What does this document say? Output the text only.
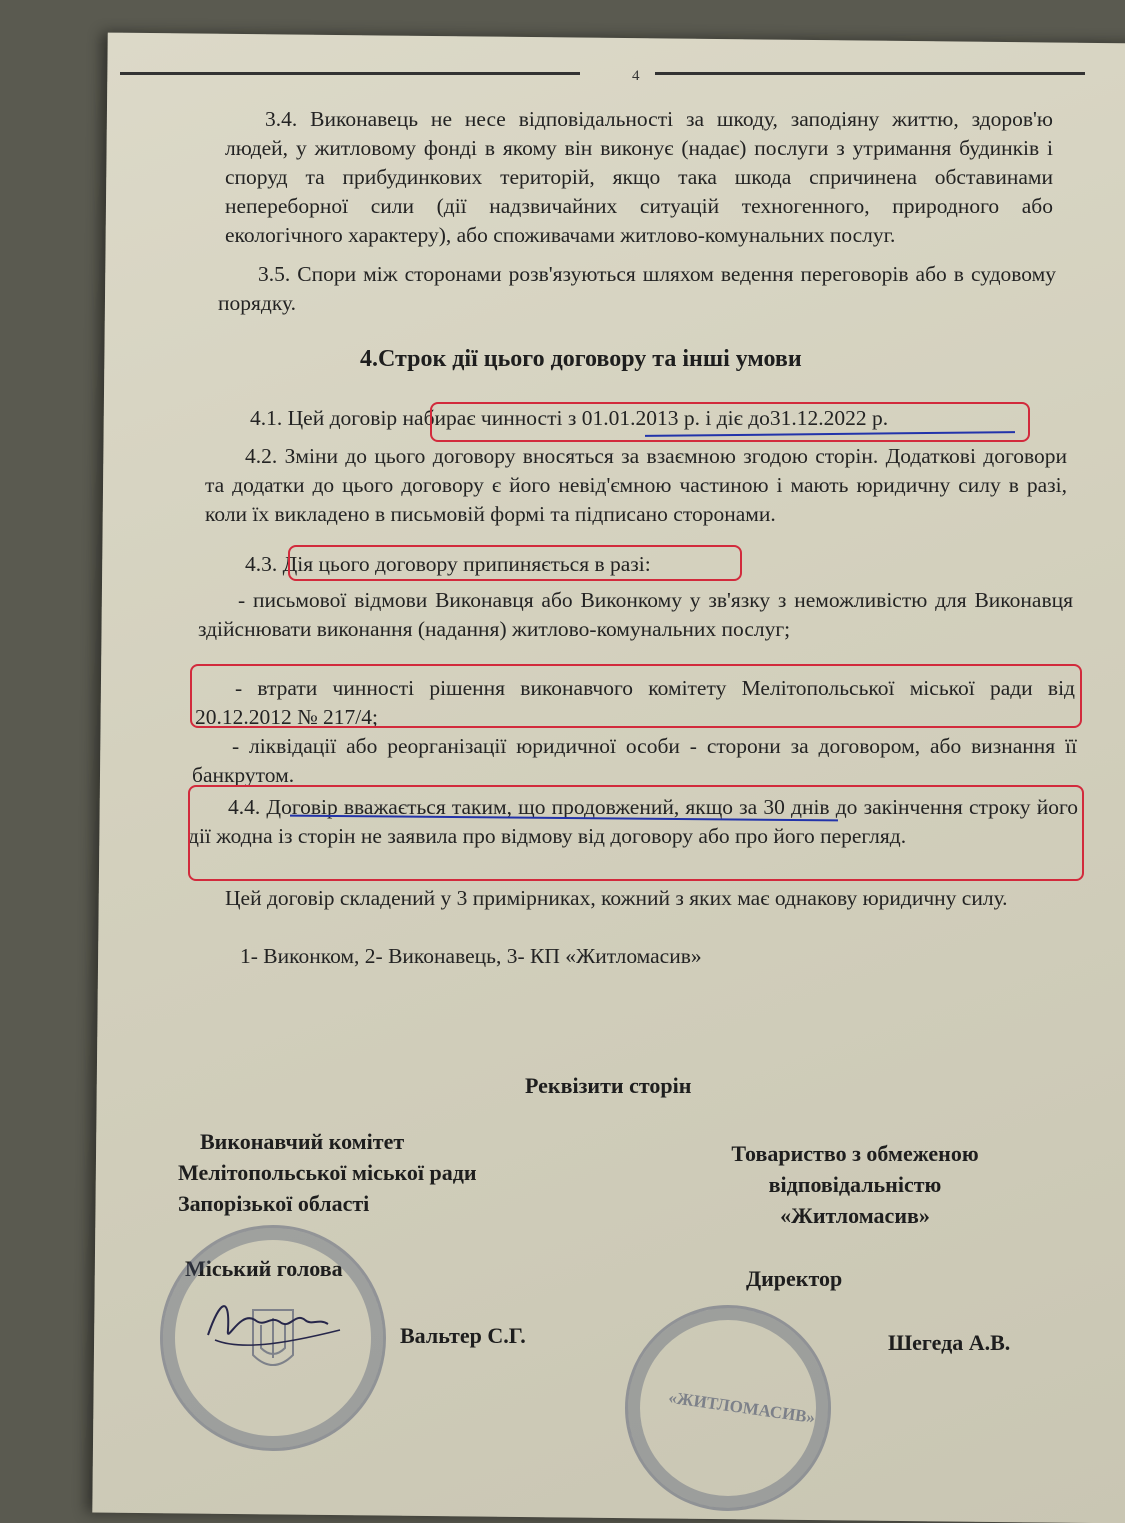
4

3.4. Виконавець не несе відповідальності за шкоду, заподіяну життю, здоров'ю людей, у житловому фонді в якому він виконує (надає) послуги з утримання будинків і споруд та прибудинкових територій, якщо така шкода спричинена обставинами непереборної сили (дії надзвичайних ситуацій техногенного, природного або екологічного характеру), або споживачами житлово-комунальних послуг.

3.5. Спори між сторонами розв'язуються шляхом ведення переговорів або в судовому порядку.

4.Строк дії цього договору та інші умови

4.1. Цей договір набирає чинності з 01.01.2013 р. і діє до31.12.2022 р.

4.2. Зміни до цього договору вносяться за взаємною згодою сторін. Додаткові договори та додатки до цього договору є його невід'ємною частиною і мають юридичну силу в разі, коли їх викладено в письмовій формі та підписано сторонами.

4.3. Дія цього договору припиняється в разі:

- письмової відмови Виконавця або Виконкому у зв'язку з неможливістю для Виконавця здійснювати виконання (надання) житлово-комунальних послуг;

- втрати чинності рішення виконавчого комітету Мелітопольської міської ради від 20.12.2012 № 217/4;

- ліквідації або реорганізації юридичної особи - сторони за договором, або визнання її банкрутом.

4.4. Договір вважається таким, що продовжений, якщо за 30 днів до закінчення строку його дії жодна із сторін не заявила про відмову від договору або про його перегляд.

Цей договір складений у 3 примірниках, кожний з яких має однакову юридичну силу.

1- Виконком, 2- Виконавець, 3- КП «Житломасив»

Реквізити сторін
Виконавчий комітет
Мелітопольської міської ради
Запорізької області
Товариство з обмеженою
відповідальністю
«Житломасив»
Міський голова
Вальтер С.Г.
Директор
Шегеда А.В.
«ЖИТЛОМАСИВ»
